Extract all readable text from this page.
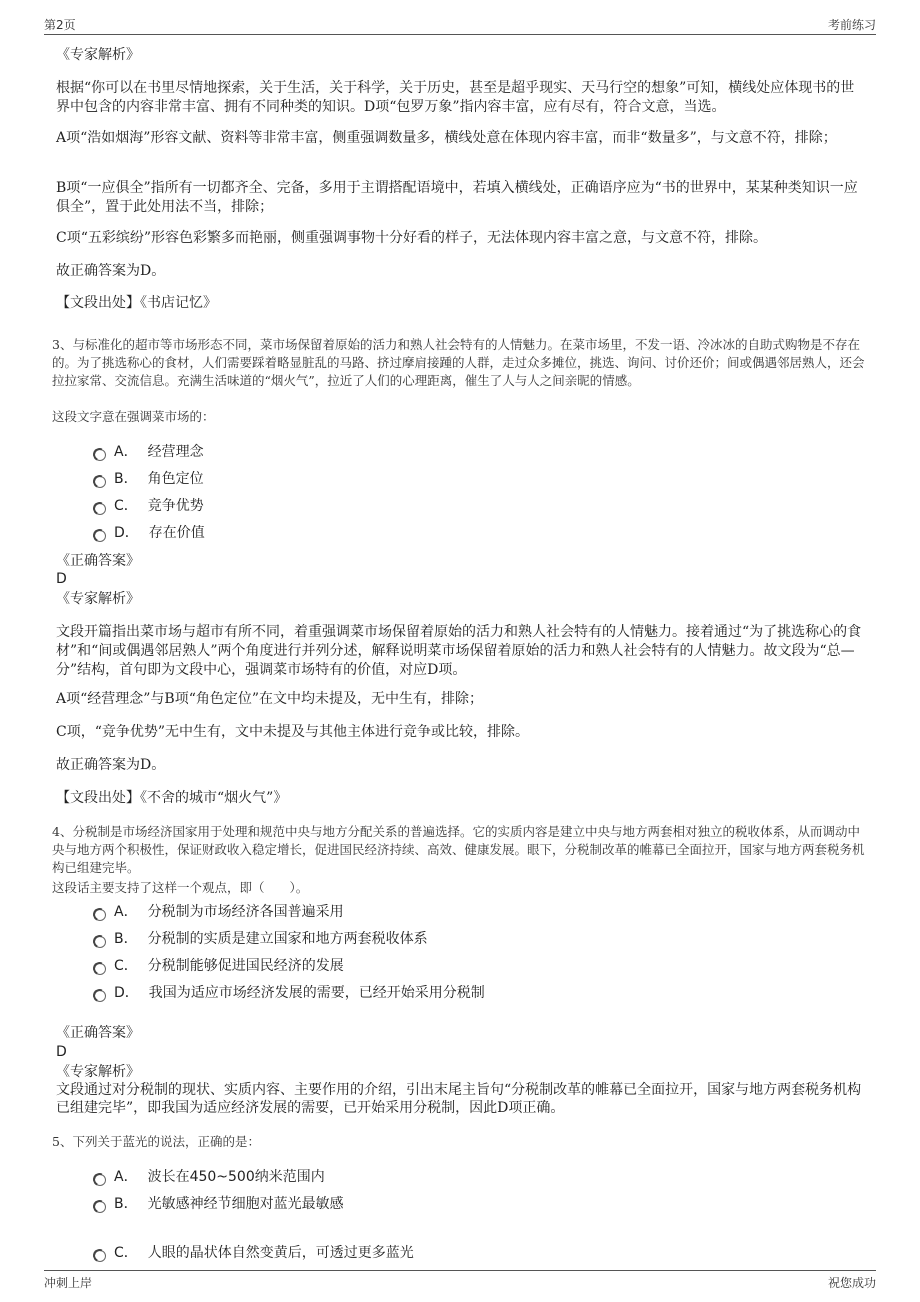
第2页	考前练习
《专家解析》
根据“你可以在书里尽情地探索，关于生活，关于科学，关于历史，甚至是超乎现实、天马行空的想象”可知，横线处应体现书的世界中包含的内容非常丰富、拥有不同种类的知识。D项“包罗万象”指内容丰富，应有尽有，符合文意，当选。
A项“浩如烟海”形容文献、资料等非常丰富，侧重强调数量多，横线处意在体现内容丰富，而非“数量多”，与文意不符，排除；
B项“一应俱全”指所有一切都齐全、完备，多用于主谓搭配语境中，若填入横线处，正确语序应为“书的世界中，某某种类知识一应俱全”，置于此处用法不当，排除；
C项“五彩缤纷”形容色彩繁多而艳丽，侧重强调事物十分好看的样子，无法体现内容丰富之意，与文意不符，排除。
故正确答案为D。
【文段出处】《书店记忆》
3、与标准化的超市等市场形态不同，菜市场保留着原始的活力和熟人社会特有的人情魅力。在菜市场里，不发一语、冷冰冰的自助式购物是不存在的。为了挑选称心的食材，人们需要踩着略显脏乱的马路、挤过摩肩接踵的人群，走过众多摊位，挑选、询问、讨价还价；间或偶遇邻居熟人，还会拉拉家常、交流信息。充满生活味道的“烟火气”，拉近了人们的心理距离，催生了人与人之间亲昵的情感。
这段文字意在强调菜市场的：
A． 经营理念
B． 角色定位
C． 竞争优势
D． 存在价值
《正确答案》
D
《专家解析》
文段开篇指出菜市场与超市有所不同，着重强调菜市场保留着原始的活力和熟人社会特有的人情魅力。接着通过“为了挑选称心的食材”和“间或偶遇邻居熟人”两个角度进行并列分述，解释说明菜市场保留着原始的活力和熟人社会特有的人情魅力。故文段为“总—分”结构，首句即为文段中心，强调菜市场特有的价值，对应D项。
A项“经营理念”与B项“角色定位”在文中均未提及，无中生有，排除；
C项，“竞争优势”无中生有，文中未提及与其他主体进行竞争或比较，排除。
故正确答案为D。
【文段出处】《不舍的城市“烟火气”》
4、分税制是市场经济国家用于处理和规范中央与地方分配关系的普遍选择。它的实质内容是建立中央与地方两套相对独立的税收体系，从而调动中央与地方两个积极性，保证财政收入稳定增长，促进国民经济持续、高效、健康发展。眼下，分税制改革的帷幕已全面拉开，国家与地方两套税务机构已组建完毕。
这段话主要支持了这样一个观点，即（　　）。
A． 分税制为市场经济各国普遍采用
B． 分税制的实质是建立国家和地方两套税收体系
C． 分税制能够促进国民经济的发展
D． 我国为适应市场经济发展的需要，已经开始采用分税制
《正确答案》
D
《专家解析》
文段通过对分税制的现状、实质内容、主要作用的介绍，引出末尾主旨句“分税制改革的帷幕已全面拉开，国家与地方两套税务机构已组建完毕”，即我国为适应经济发展的需要，已开始采用分税制，因此D项正确。
5、下列关于蓝光的说法，正确的是：
A． 波长在450~500纳米范围内
B． 光敏感神经节细胞对蓝光最敏感
C． 人眼的晶状体自然变黄后，可透过更多蓝光
冲刺上岸	祝您成功
